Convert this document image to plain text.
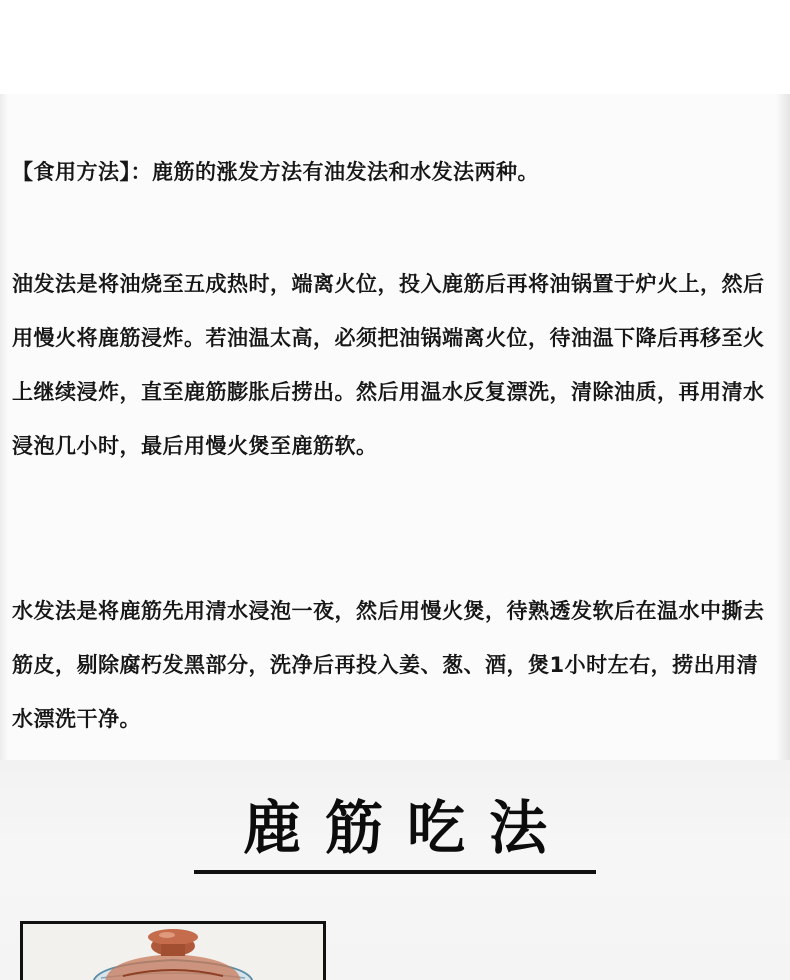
【食用方法】：鹿筋的涨发方法有油发法和水发法两种。

油发法是将油烧至五成热时，端离火位，投入鹿筋后再将油锅置于炉火上，然后用慢火将鹿筋浸炸。若油温太高，必须把油锅端离火位，待油温下降后再移至火上继续浸炸，直至鹿筋膨胀后捞出。然后用温水反复漂洗，清除油质，再用清水浸泡几小时，最后用慢火煲至鹿筋软。

水发法是将鹿筋先用清水浸泡一夜，然后用慢火煲，待熟透发软后在温水中撕去筋皮，剔除腐朽发黑部分，洗净后再投入姜、葱、酒，煲1小时左右，捞出用清水漂洗干净。

鹿筋吃法
